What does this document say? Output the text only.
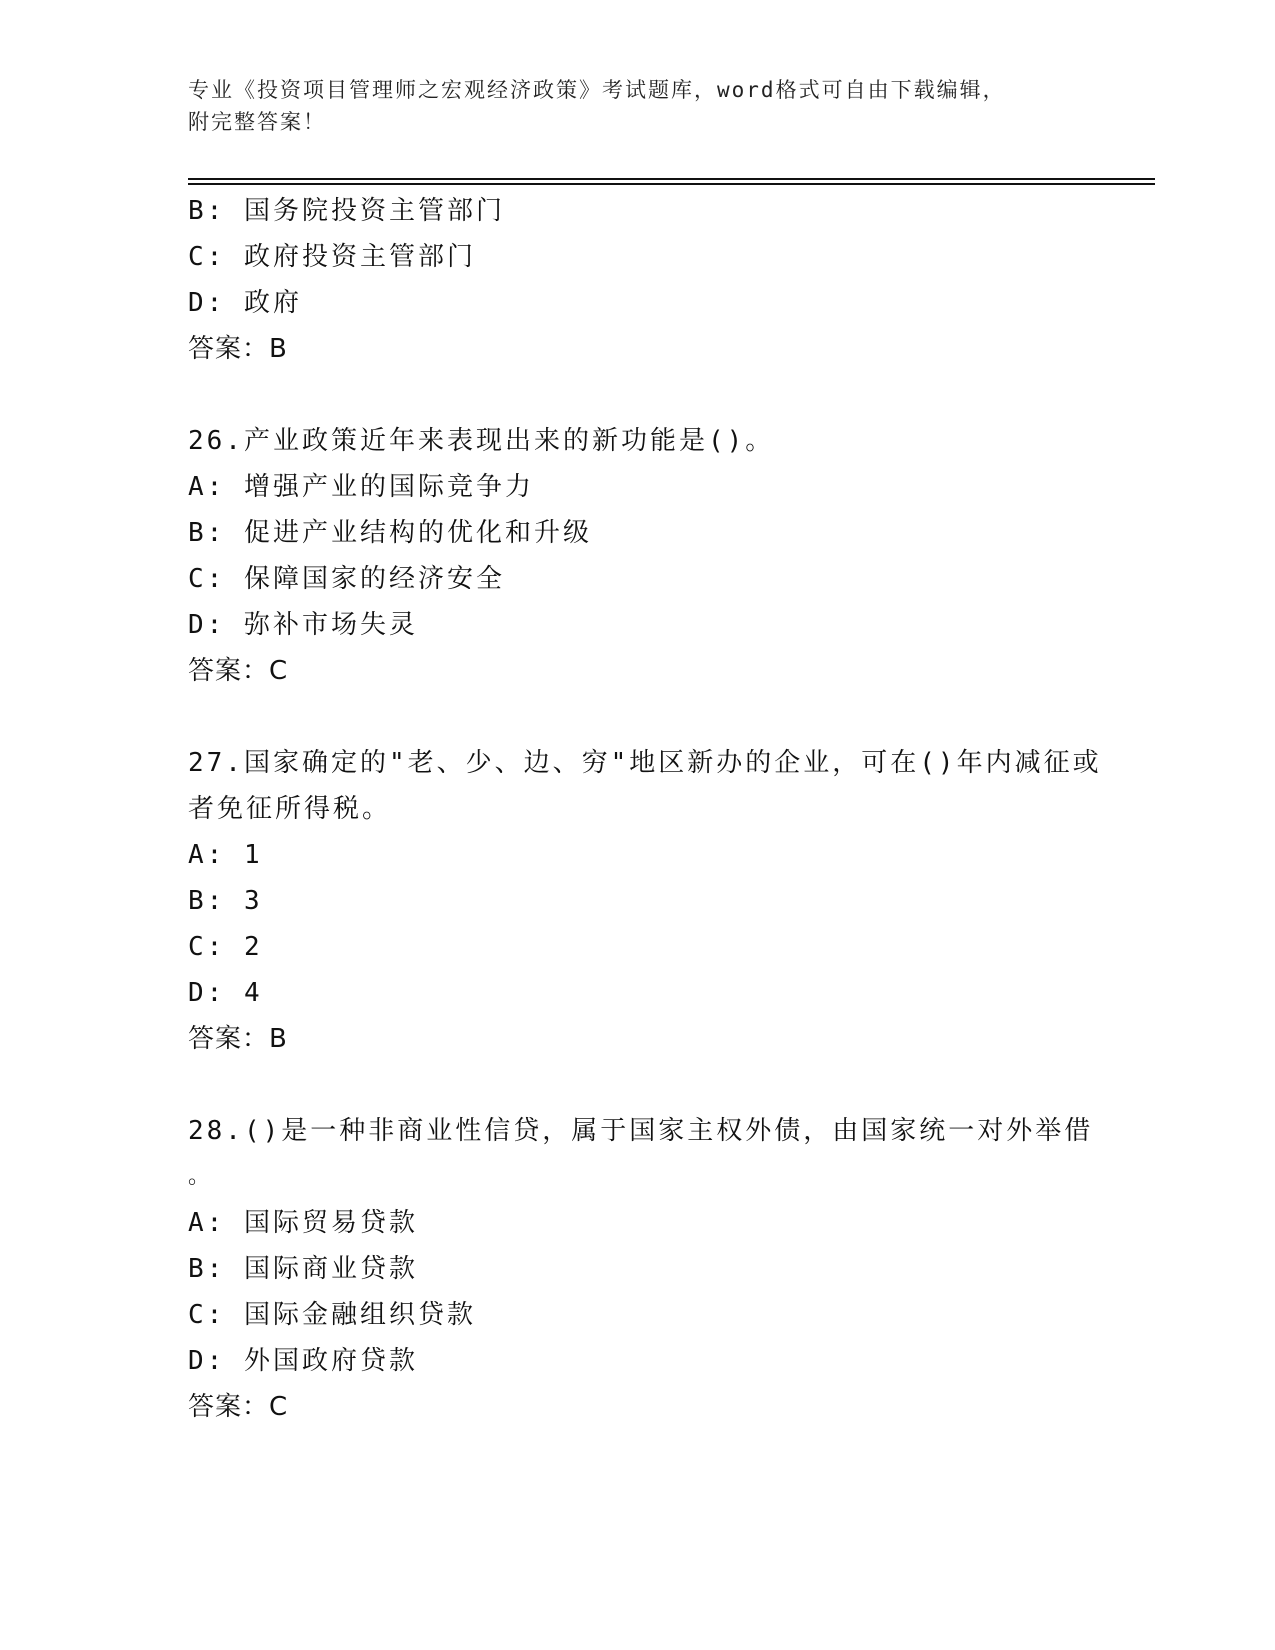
专业《投资项目管理师之宏观经济政策》考试题库，word格式可自由下载编辑，
附完整答案！
B: 国务院投资主管部门
C: 政府投资主管部门
D: 政府
答案：B
26.产业政策近年来表现出来的新功能是()。
A: 增强产业的国际竞争力
B: 促进产业结构的优化和升级
C: 保障国家的经济安全
D: 弥补市场失灵
答案：C
27.国家确定的"老、少、边、穷"地区新办的企业，可在()年内减征或
者免征所得税。
A: 1
B: 3
C: 2
D: 4
答案：B
28.()是一种非商业性信贷，属于国家主权外债，由国家统一对外举借
。
A: 国际贸易贷款
B: 国际商业贷款
C: 国际金融组织贷款
D: 外国政府贷款
答案：C
